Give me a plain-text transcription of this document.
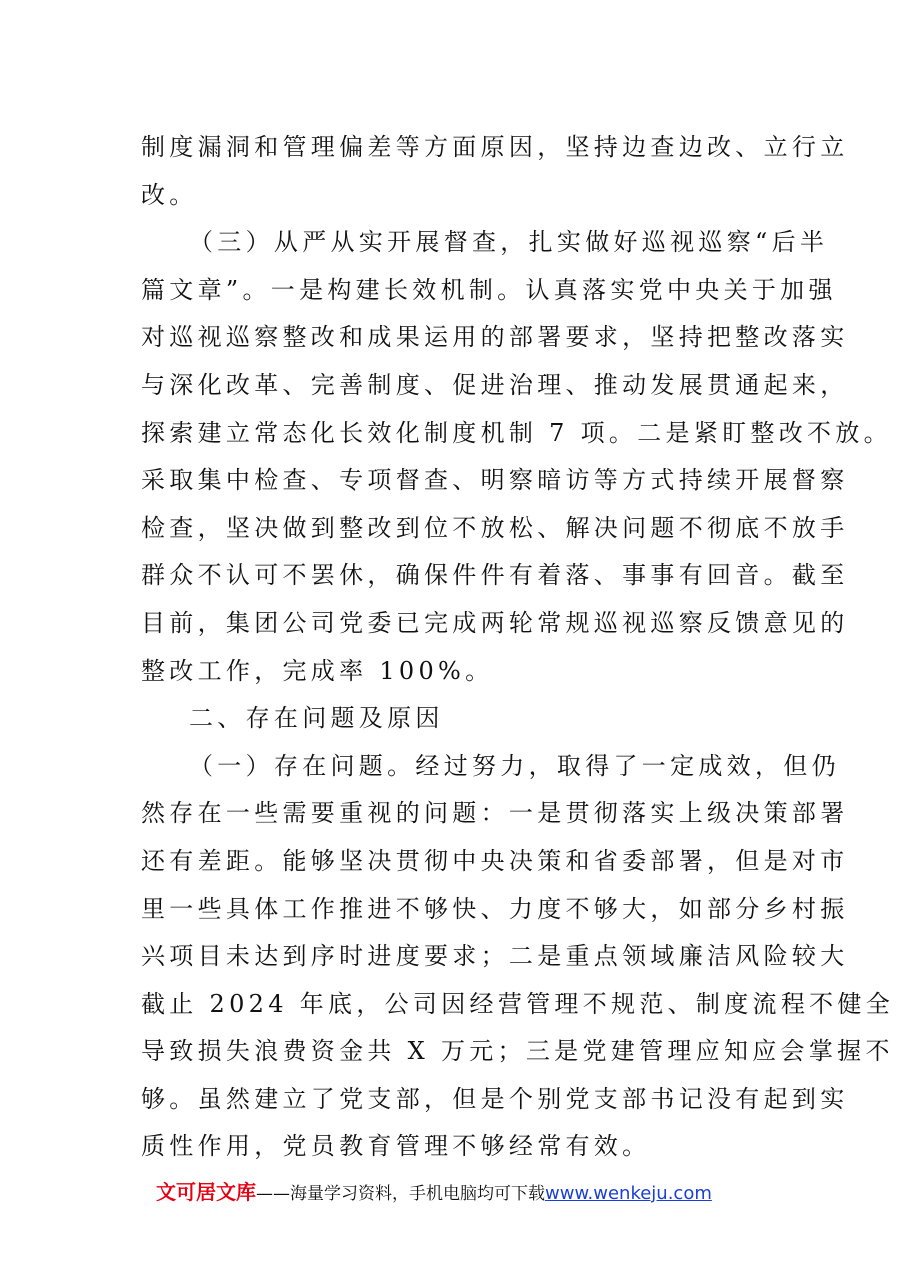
制度漏洞和管理偏差等方面原因，坚持边查边改、立行立
改。

（三）从严从实开展督查，扎实做好巡视巡察“后半
篇文章”。一是构建长效机制。认真落实党中央关于加强
对巡视巡察整改和成果运用的部署要求，坚持把整改落实
与深化改革、完善制度、促进治理、推动发展贯通起来，
探索建立常态化长效化制度机制 7 项。二是紧盯整改不放。
采取集中检查、专项督查、明察暗访等方式持续开展督察
检查，坚决做到整改到位不放松、解决问题不彻底不放手
群众不认可不罢休，确保件件有着落、事事有回音。截至
目前，集团公司党委已完成两轮常规巡视巡察反馈意见的
整改工作，完成率 100%。

二、存在问题及原因

（一）存在问题。经过努力，取得了一定成效，但仍
然存在一些需要重视的问题：一是贯彻落实上级决策部署
还有差距。能够坚决贯彻中央决策和省委部署，但是对市
里一些具体工作推进不够快、力度不够大，如部分乡村振
兴项目未达到序时进度要求；二是重点领域廉洁风险较大
截止 2024 年底，公司因经营管理不规范、制度流程不健全
导致损失浪费资金共 X 万元；三是党建管理应知应会掌握不
够。虽然建立了党支部，但是个别党支部书记没有起到实
质性作用，党员教育管理不够经常有效。

文可居文库——海量学习资料，手机电脑均可下载www.wenkeju.com
